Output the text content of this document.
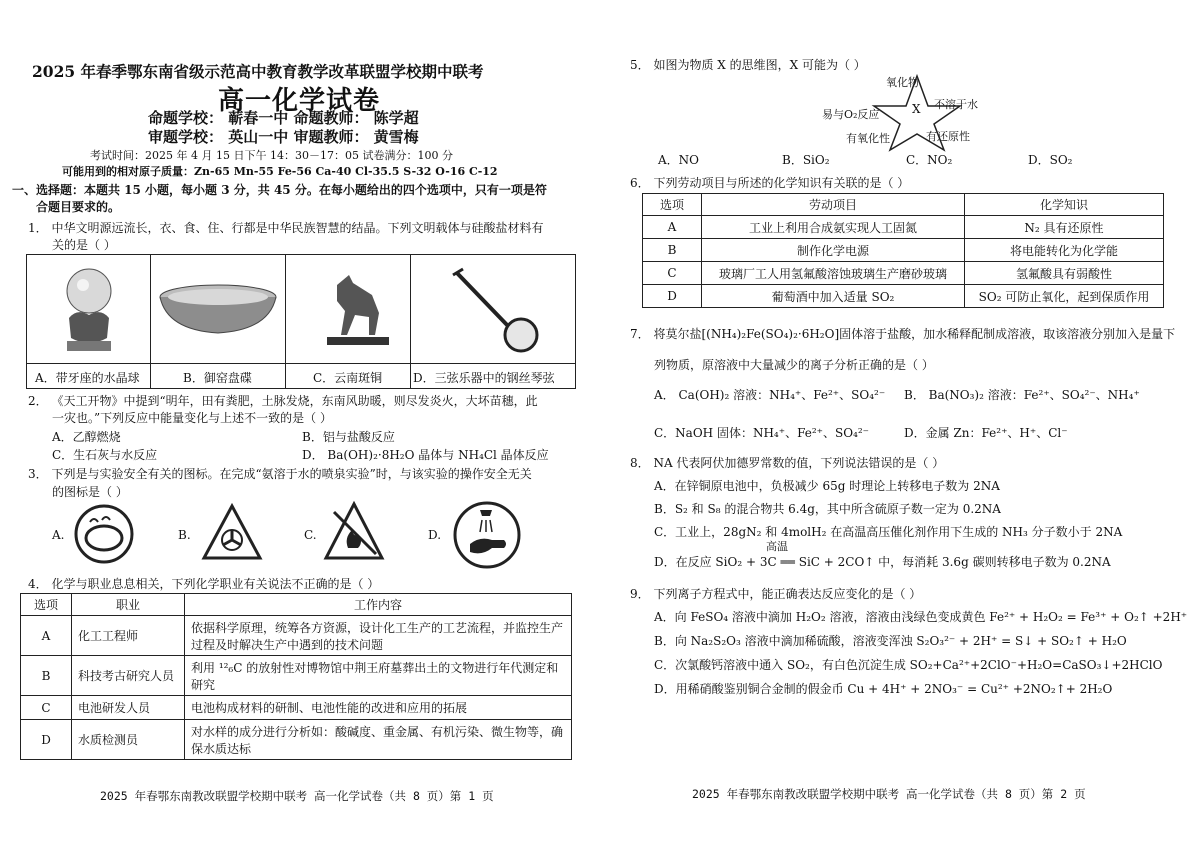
2025 年春季鄂东南省级示范高中教育教学改革联盟学校期中联考
高一化学试卷
命题学校： 蕲春一中 命题教师： 陈学超
审题学校： 英山一中 审题教师： 黄雪梅
考试时间：2025 年 4 月 15 日下午 14：30－17：05 试卷满分：100 分
可能用到的相对原子质量：Zn-65 Mn-55 Fe-56 Ca-40 Cl-35.5 S-32 O-16 C-12
一、选择题：本题共 15 小题，每小题 3 分，共 45 分。在每小题给出的四个选项中，只有一项是符
合题目要求的。
1． 中华文明源远流长，衣、食、住、行都是中华民族智慧的结晶。下列文明载体与硅酸盐材料有
关的是（ ）
A．带牙座的水晶球	B．御窑盘碟	C．云南斑铜	D．三弦乐器中的钢丝琴弦
2． 《天工开物》中提到“明年，田有粪肥，土脉发烧，东南风助暖，则尽发炎火，大坏苗穗，此
一灾也。”下列反应中能量变化与上述不一致的是（ ）
A．乙醇燃烧	B．铝与盐酸反应
C．生石灰与水反应	D． Ba(OH)₂·8H₂O 晶体与 NH₄Cl 晶体反应
3． 下列是与实验安全有关的图标。在完成“氨溶于水的喷泉实验”时，与该实验的操作安全无关
的图标是（ ）
A.	B.	C.	D.
4． 化学与职业息息相关，下列化学职业有关说法不正确的是（ ）
选项	职业	工作内容
A	化工工程师	依据科学原理，统筹各方资源，设计化工生产的工艺流程，并监控生产过程及时解决生产中遇到的技术问题
B	科技考古研究人员	利用 ¹²₆C 的放射性对博物馆中荆王府墓葬出土的文物进行年代测定和研究
C	电池研发人员	电池构成材料的研制、电池性能的改进和应用的拓展
D	水质检测员	对水样的成分进行分析如：酸碱度、重金属、有机污染、微生物等，确保水质达标
2025 年春鄂东南教改联盟学校期中联考 高一化学试卷（共 8 页）第 1 页
5． 如图为物质 X 的思维图，X 可能为（ ）
X
氧化物
不溶于水
易与O₂反应
有氧化性	有还原性
A．NO	B．SiO₂	C．NO₂	D．SO₂
6． 下列劳动项目与所述的化学知识有关联的是（ ）
选项	劳动项目	化学知识
A	工业上利用合成氨实现人工固氮	N₂ 具有还原性
B	制作化学电源	将电能转化为化学能
C	玻璃厂工人用氢氟酸溶蚀玻璃生产磨砂玻璃	氢氟酸具有弱酸性
D	葡萄酒中加入适量 SO₂	SO₂ 可防止氧化，起到保质作用
7． 将莫尔盐[(NH₄)₂Fe(SO₄)₂·6H₂O]固体溶于盐酸，加水稀释配制成溶液，取该溶液分别加入是量下
列物质，原溶液中大量减少的离子分析正确的是（ ）
A． Ca(OH)₂ 溶液：NH₄⁺、Fe²⁺、SO₄²⁻ B． Ba(NO₃)₂ 溶液：Fe²⁺、SO₄²⁻、NH₄⁺
C．NaOH 固体：NH₄⁺、Fe²⁺、SO₄²⁻	D．金属 Zn：Fe²⁺、H⁺、Cl⁻
8． NA 代表阿伏加德罗常数的值，下列说法错误的是（ ）
A．在锌铜原电池中，负极减少 65g 时理论上转移电子数为 2NA
B．S₂ 和 S₈ 的混合物共 6.4g，其中所含硫原子数一定为 0.2NA
C．工业上，28gN₂ 和 4molH₂ 在高温高压催化剂作用下生成的 NH₃ 分子数小于 2NA
高温
D．在反应 SiO₂ + 3C ══ SiC + 2CO↑ 中，每消耗 3.6g 碳则转移电子数为 0.2NA
9． 下列离子方程式中，能正确表达反应变化的是（ ）
A．向 FeSO₄ 溶液中滴加 H₂O₂ 溶液，溶液由浅绿色变成黄色 Fe²⁺ + H₂O₂ = Fe³⁺ + O₂↑ +2H⁺
B．向 Na₂S₂O₃ 溶液中滴加稀硫酸，溶液变浑浊 S₂O₃²⁻ + 2H⁺ = S↓ + SO₂↑ + H₂O
C．次氯酸钙溶液中通入 SO₂，有白色沉淀生成 SO₂+Ca²⁺+2ClO⁻+H₂O=CaSO₃↓+2HClO
D．用稀硝酸鉴别铜合金制的假金币 Cu + 4H⁺ + 2NO₃⁻ = Cu²⁺ +2NO₂↑+ 2H₂O
2025 年春鄂东南教改联盟学校期中联考 高一化学试卷（共 8 页）第 2 页
